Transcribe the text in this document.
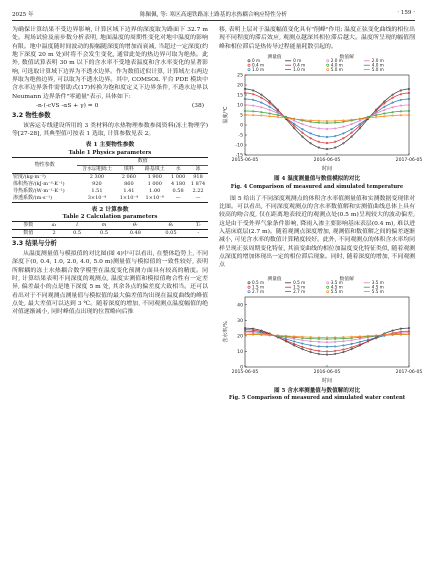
2025 年	陈佩佩, 等: 寒区高速铁路冻土路基的水热耦合响应特性分析	· 159 ·

为确保计算结果不受边界影响, 计算区域下边界的深度取为路面下 32.7 m 处。现场试验及前步数分析表明, 地面温度的周期性变化对地中温度的影响有限。地中温度随时间波动的振幅随深度的增加而衰减, 当超过一定深度(约地下深度 20 m 处)时将不会发生变化, 通常此处的热边界可取为绝热。此外, 数值试算表明 30 m 以下的含水率不受地表温度和含水率变化的显著影响, 可选取计算域下边界为不透水边界。作为数值近似计算, 计算域左右两边界取为绝热边界, 可以取为不透水边界。其中, COMSOL 平台 PDE 模块中含水率边界条件需借助式(17)转换为饱和度定义下边界条件, 不透水边界以 Neumann 边界条件"零通量"表示, 具体如下:

-n·(-cVS -αS + γ) = 0	(38)
3.2 物性参数

该客运专线建设所用的 3 类材料的水热物理参数参阅资料(冻土物理学)等[27-28], 其典型值可按表 1 选取, 计算参数见表 2。

表 1 主要物性参数
Table 1 Physics parameters
物性参数	数值				
	含水层粗砾土	填料	路基填土	水	冰
密度/(kg·m⁻³)	2 300	2 060	1 900	1 000	918
体积热容/(kJ·m⁻³·K⁻¹)	920	860	1 000	4 180	1 874
导热系数/(W·m⁻¹·K⁻¹)	1.51	1.41	1.00	0.58	2.22
渗透系数/(m·s⁻¹)	3×10⁻⁴	1×10⁻⁴	1×10⁻⁸	—	—
表 2 计算参数
Table 2 Calculation parameters
参数	a₁	l	m	θᵣ	θₛ	Tᵣ
数值	2	0.5	0.5	0.48	0.05	-
3.3 结果与分析

从温度测量值与模拟值的对比图(图 4)中可以看出, 在整体趋势上, 不同深度下(0, 0.4, 1.0, 2.0, 4.0, 5.0 m)测量值与模拟值的一致性较好, 表明所解耦的冻土水热耦合数学模型在温度变化预测方面具有较高的精度。同时, 计算结果表明不同深度的观测点, 温度实测值和模拟值吻合性有一定差异, 偏差最小的点是地下深度 5 m 处, 其余各点的偏差度大致相当。还可以看出对于不同观测点测量值与模拟值的最大偏差值均出现在温度曲线的峰值点处, 最大差值可以达到 3 ℃。随着深度的增加, 不同观测点温度幅值的绝对值逐渐减小, 同时峰值点出现的位置略向后推

移, 表明上层对于温度幅值变化具有"削峰"作用; 温度正弦变化曲线的相位出现不同程度的滞后效应, 观测点越深其相位滞后越大。温度所呈现的幅值削峰和相位滞后是热传导过程能量耗散引起的。

-15
-10
-5
0
5
10
15
20
25
2015-06-05	2016-06-05	2017-06-05
温度/℃
时间
测量值	数值解
0 m	0 m
0.4 m	0.4 m
1.0 m	1.0 m
2.0 m	2.0 m
4.0 m	4.0 m
5.0 m	5.0 m
图 4 温度测量值与数值模拟的对比
Fig. 4 Comparison of measured and simulated temperature

图 5 给出了不同深度观测点的体积含水率值测量值和实测数据变现律对比图。可以看出, 不同深度观测点的含水率数值解和实测值曲线总体上具有较高的吻合度, 仅在距离地表较近的观测点处(0.5 m)呈现较大的波动偏差, 这是由于受外界气象条件影响, 降雨入渗主要影响基床表层(0.4 m), 难以进入基床底层(2.7 m)。随着观测点深度增加, 观测值和数值解之间的偏差逐渐减小, 可见含水率的数值计算精度较好。此外, 不同观测点的体积含水率均同样呈现正弦周期变化特征, 其演变曲线的相位加温度变化特征类似, 随着观测点深度的增加体现出一定的相位滞后现象。同时, 随着深度的增加, 不同观测点

0
10
20
30
40
2015-06-05	2016-06-05	2017-06-05
含水率/%
时间
测量值	数值解
0.5 m	0.5 m
1.5 m	1.5 m
2.7 m	2.7 m
3.5 m	3.5 m
4.5 m	4.5 m
5.5 m	5.5 m
图 5 含水率测量值与数值解的对比
Fig. 5 Comparison of measured and simulated water content
